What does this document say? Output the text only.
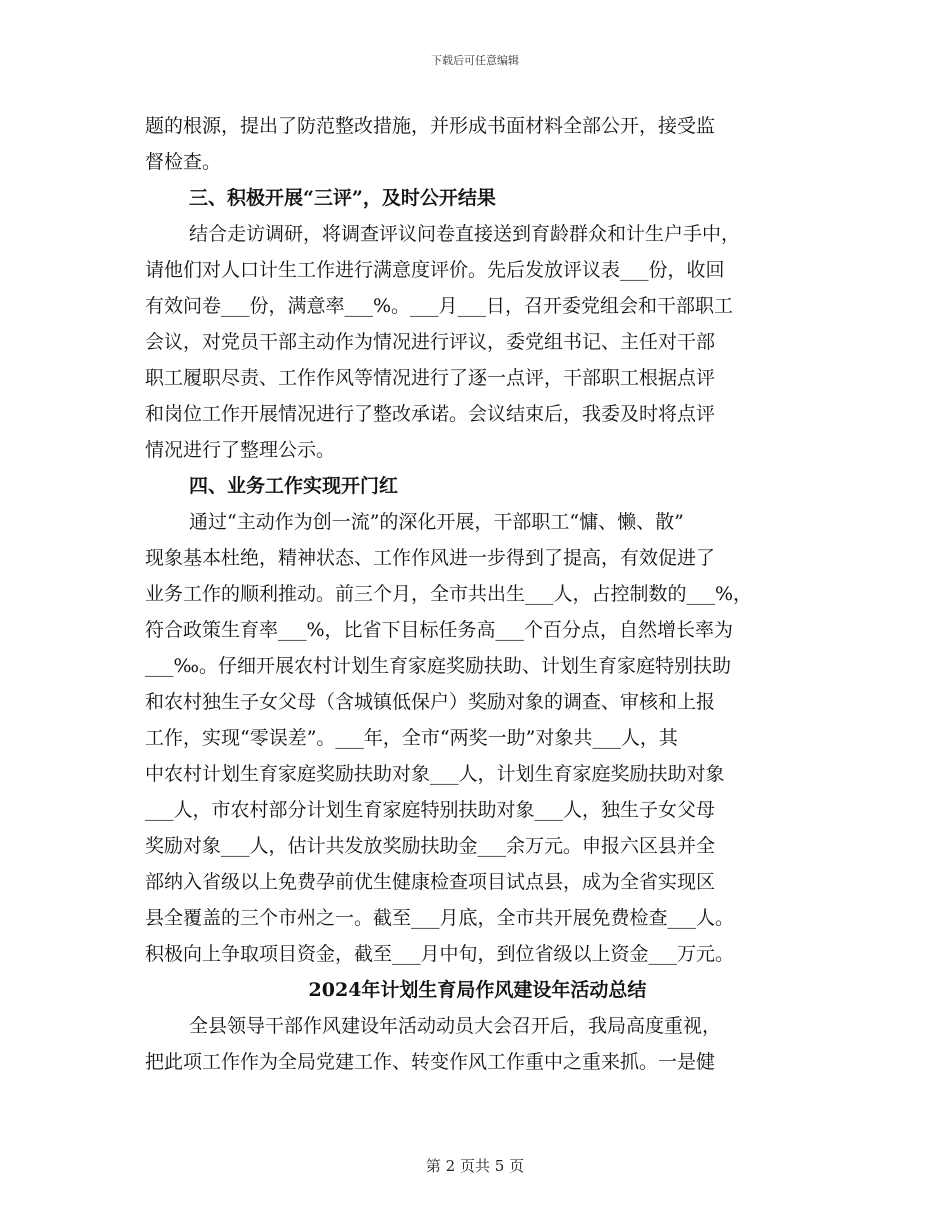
下载后可任意编辑
题的根源，提出了防范整改措施，并形成书面材料全部公开，接受监
督检查。
三、积极开展“三评”，及时公开结果
结合走访调研，将调查评议问卷直接送到育龄群众和计生户手中，
请他们对人口计生工作进行满意度评价。先后发放评议表___份，收回
有效问卷___份，满意率___%。___月___日，召开委党组会和干部职工
会议，对党员干部主动作为情况进行评议，委党组书记、主任对干部
职工履职尽责、工作作风等情况进行了逐一点评，干部职工根据点评
和岗位工作开展情况进行了整改承诺。会议结束后，我委及时将点评
情况进行了整理公示。
四、业务工作实现开门红
通过“主动作为创一流”的深化开展，干部职工“慵、懒、散”
现象基本杜绝，精神状态、工作作风进一步得到了提高，有效促进了
业务工作的顺利推动。前三个月，全市共出生___人，占控制数的___%，
符合政策生育率___%，比省下目标任务高___个百分点，自然增长率为
___‰。仔细开展农村计划生育家庭奖励扶助、计划生育家庭特别扶助
和农村独生子女父母（含城镇低保户）奖励对象的调查、审核和上报
工作，实现“零误差”。___年，全市“两奖一助”对象共___人，其
中农村计划生育家庭奖励扶助对象___人，计划生育家庭奖励扶助对象
___人，市农村部分计划生育家庭特别扶助对象___人，独生子女父母
奖励对象___人，估计共发放奖励扶助金___余万元。申报六区县并全
部纳入省级以上免费孕前优生健康检查项目试点县，成为全省实现区
县全覆盖的三个市州之一。截至___月底，全市共开展免费检查___人。
积极向上争取项目资金，截至___月中旬，到位省级以上资金___万元。
2024年计划生育局作风建设年活动总结
全县领导干部作风建设年活动动员大会召开后，我局高度重视，
把此项工作作为全局党建工作、转变作风工作重中之重来抓。一是健
第 2 页共 5 页
